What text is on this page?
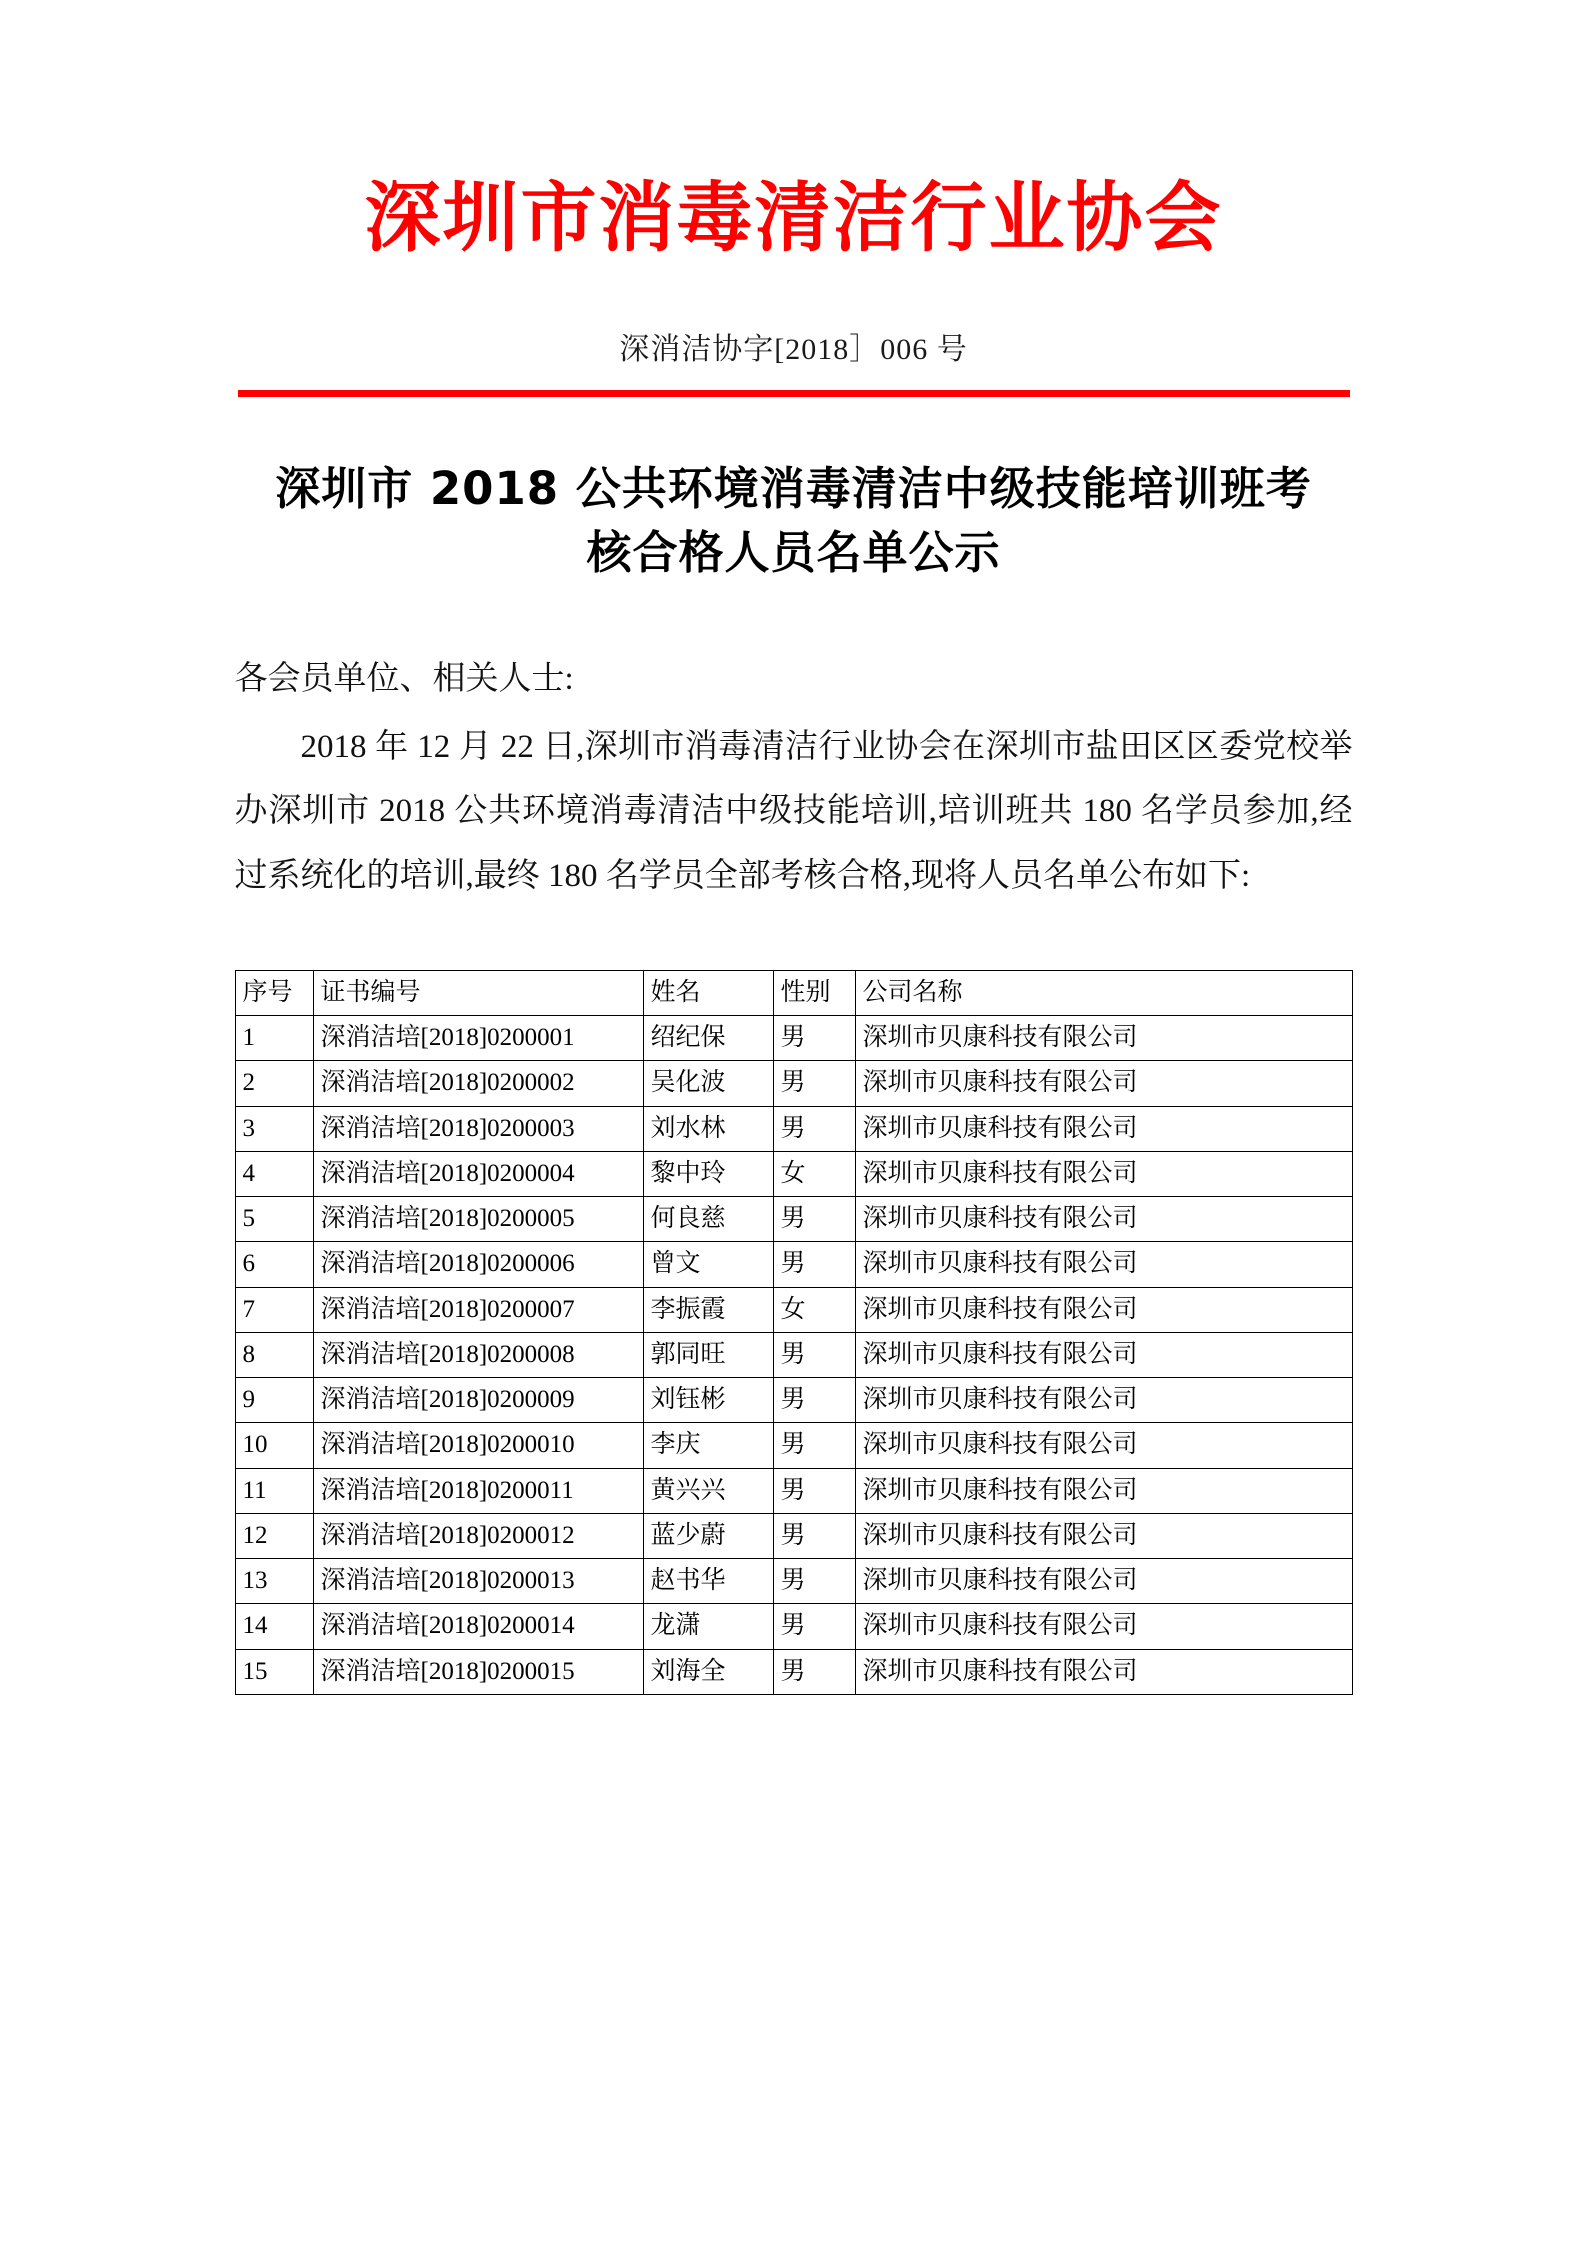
深圳市消毒清洁行业协会
深消洁协字[2018］006 号
深圳市 2018 公共环境消毒清洁中级技能培训班考核合格人员名单公示

各会员单位、相关人士:

2018 年 12 月 22 日,深圳市消毒清洁行业协会在深圳市盐田区区委党校举办深圳市 2018 公共环境消毒清洁中级技能培训,培训班共 180 名学员参加,经过系统化的培训,最终 180 名学员全部考核合格,现将人员名单公布如下:

序号	证书编号	姓名	性别	公司名称
1	深消洁培[2018]0200001	绍纪保	男	深圳市贝康科技有限公司
2	深消洁培[2018]0200002	吴化波	男	深圳市贝康科技有限公司
3	深消洁培[2018]0200003	刘水林	男	深圳市贝康科技有限公司
4	深消洁培[2018]0200004	黎中玲	女	深圳市贝康科技有限公司
5	深消洁培[2018]0200005	何良慈	男	深圳市贝康科技有限公司
6	深消洁培[2018]0200006	曾文	男	深圳市贝康科技有限公司
7	深消洁培[2018]0200007	李振霞	女	深圳市贝康科技有限公司
8	深消洁培[2018]0200008	郭同旺	男	深圳市贝康科技有限公司
9	深消洁培[2018]0200009	刘钰彬	男	深圳市贝康科技有限公司
10	深消洁培[2018]0200010	李庆	男	深圳市贝康科技有限公司
11	深消洁培[2018]0200011	黄兴兴	男	深圳市贝康科技有限公司
12	深消洁培[2018]0200012	蓝少蔚	男	深圳市贝康科技有限公司
13	深消洁培[2018]0200013	赵书华	男	深圳市贝康科技有限公司
14	深消洁培[2018]0200014	龙潇	男	深圳市贝康科技有限公司
15	深消洁培[2018]0200015	刘海全	男	深圳市贝康科技有限公司
